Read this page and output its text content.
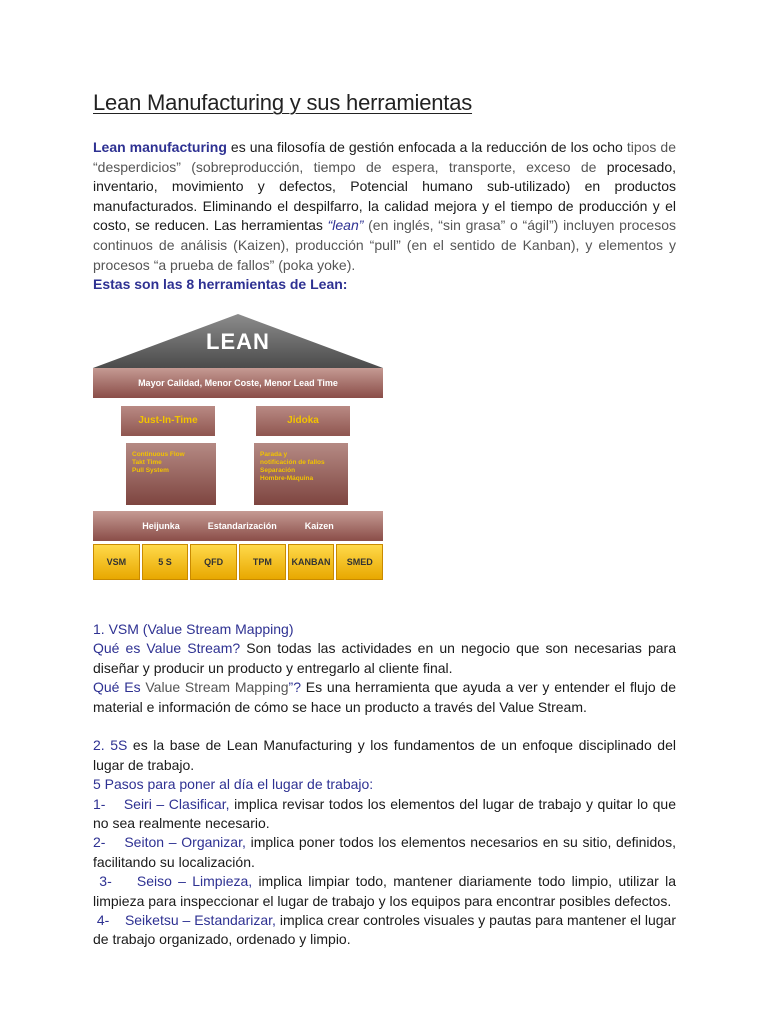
Lean Manufacturing y sus herramientas

Lean manufacturing es una filosofía de gestión enfocada a la reducción de los ocho tipos de “desperdicios” (sobreproducción, tiempo de espera, transporte, exceso de procesado, inventario, movimiento y defectos, Potencial humano sub-utilizado) en productos manufacturados. Eliminando el despilfarro, la calidad mejora y el tiempo de producción y el costo, se reducen. Las herramientas “lean” (en inglés, “sin grasa” o “ágil”) incluyen procesos continuos de análisis (Kaizen), producción “pull” (en el sentido de Kanban), y elementos y procesos “a prueba de fallos” (poka yoke).

Estas son las 8 herramientas de Lean:

LEAN
Mayor Calidad, Menor Coste, Menor Lead Time
Just-In-Time	Jidoka
Continuous Flow
Takt Time
Pull System
Parada y
notificación de fallos
Separación
Hombre-Máquina
Heijunka	Estandarización	Kaizen
VSM	5 S	QFD	TPM	KANBAN	SMED

1. VSM (Value Stream Mapping)

Qué es Value Stream? Son todas las actividades en un negocio que son necesarias para diseñar y producir un producto y entregarlo al cliente final.

Qué Es Value Stream Mapping”? Es una herramienta que ayuda a ver y entender el flujo de material e información de cómo se hace un producto a través del Value Stream.

2. 5S es la base de Lean Manufacturing y los fundamentos de un enfoque disciplinado del lugar de trabajo.

5 Pasos para poner al día el lugar de trabajo:

1-    Seiri – Clasificar, implica revisar todos los elementos del lugar de trabajo y quitar lo que no sea realmente necesario.

2-    Seiton – Organizar, implica poner todos los elementos necesarios en su sitio, definidos, facilitando su localización.

3-    Seiso – Limpieza, implica limpiar todo, mantener diariamente todo limpio, utilizar la limpieza para inspeccionar el lugar de trabajo y los equipos para encontrar posibles defectos.

4-    Seiketsu – Estandarizar, implica crear controles visuales y pautas para mantener el lugar de trabajo organizado, ordenado y limpio.
